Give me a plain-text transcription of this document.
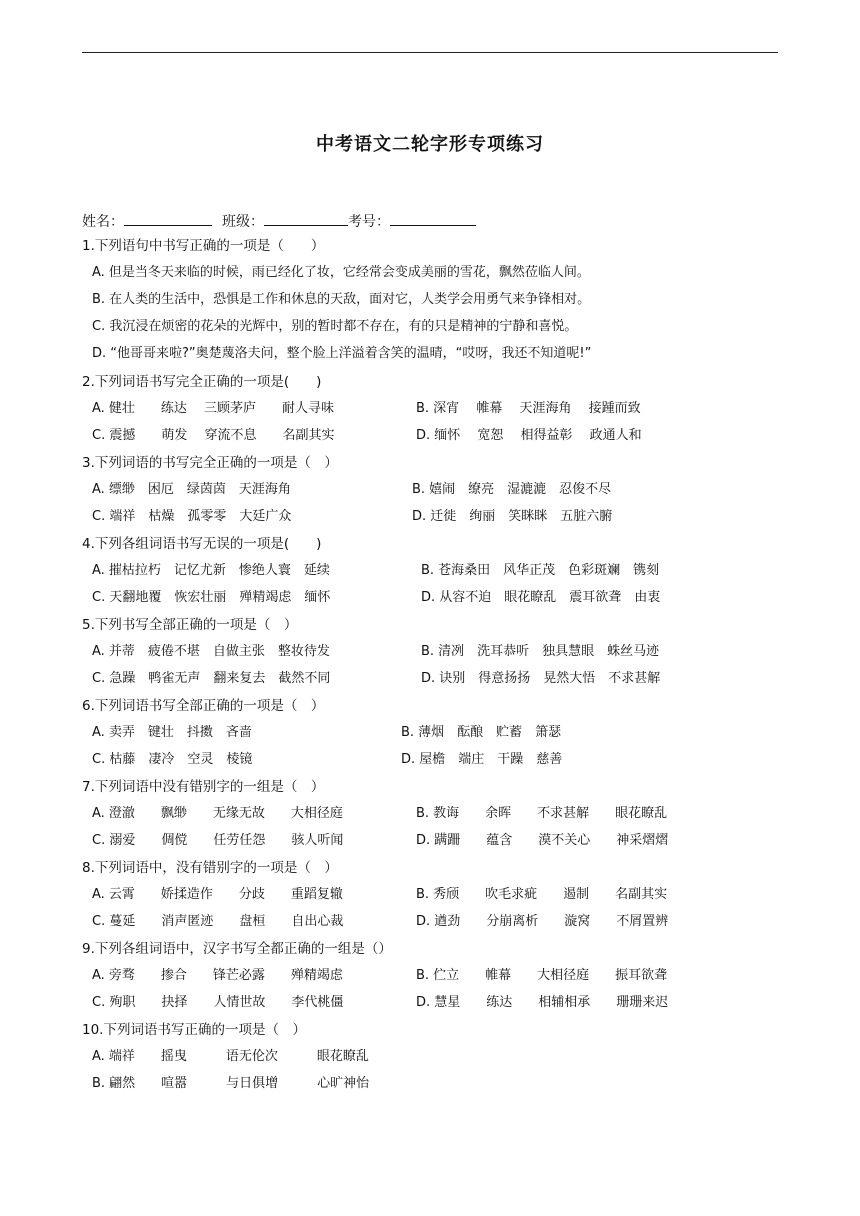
中考语文二轮字形专项练习
姓名：	班级：	考号：
1.下列语句中书写正确的一项是（　　）
A. 但是当冬天来临的时候，雨已经化了妆，它经常会变成美丽的雪花，飘然莅临人间。
B. 在人类的生活中，恐惧是工作和休息的天敌，面对它，人类学会用勇气来争锋相对。
C. 我沉浸在烦密的花朵的光辉中，别的暂时都不存在，有的只是精神的宁静和喜悦。
D. “他哥哥来啦?”奥楚蔑洛夫问，整个脸上洋溢着含笑的温晴，“哎呀，我还不知道呢!”
2.下列词语书写完全正确的一项是(　　)
A. 健壮　　练达　 三顾茅庐　　耐人寻味	B. 深宵　 帷幕　 天涯海角　 接踵而致
C. 震撼　　萌发　 穿流不息　　名副其实	D. 缅怀　 宽恕　 相得益彰　 政通人和
3.下列词语的书写完全正确的一项是（　）
A. 缥缈　困厄　绿茵茵　天涯海角	B. 嬉闹　缭亮　湿漉漉　忍俊不尽
C. 端祥　枯燥　孤零零　大廷广众	D. 迁徙　绚丽　笑眯眯　五脏六腑
4.下列各组词语书写无误的一项是(　　)
A. 摧枯拉朽　记忆尤新　惨绝人寰　延续	B. 苍海桑田　风华正茂　色彩斑斓　镌刻
C. 天翻地覆　恢宏壮丽　殚精竭虑　缅怀	D. 从容不迫　眼花瞭乱　震耳欲聋　由衷
5.下列书写全部正确的一项是（　）
A. 并蒂　疲倦不堪　自做主张　整妆待发	B. 清冽　洗耳恭听　独具慧眼　蛛丝马迹
C. 急躁　鸭雀无声　翻来复去　截然不同	D. 诀别　得意扬扬　晃然大悟　不求甚解
6.下列词语书写全部正确的一项是（　）
A. 卖弄　键壮　抖擞　吝啬	B. 薄烟　酝酿　贮蓄　箫瑟
C. 枯藤　凄冷　空灵　棱镜	D. 屋檐　端庄　干躁　慈善
7.下列词语中没有错别字的一组是（　）
A. 澄澈　　飘缈　　无缘无故　　大相径庭	B. 教诲　　余晖　　不求甚解　　眼花瞭乱
C. 溺爱　　倜傥　　任劳任怨　　骇人听闻	D. 蹒跚　　蕴含　　漠不关心　　神采熠熠
8.下列词语中，没有错别字的一项是（　）
A. 云霄　　娇揉造作　　分歧　　重蹈复辙	B. 秀颀　　吹毛求疵　　遏制　　名副其实
C. 蔓延　　消声匿迹　　盘桓　　自出心裁	D. 遒劲　　分崩离析　　漩窝　　不屑置辨
9.下列各组词语中，汉字书写全都正确的一组是（）
A. 旁骛　　掺合　　锋芒必露　　殚精竭虑	B. 伫立　　帷幕　　大相径庭　　振耳欲聋
C. 殉职　　抉择　　人情世故　　李代桃僵	D. 慧星　　练达　　相辅相承　　珊珊来迟
10.下列词语书写正确的一项是（　）
A. 端祥　　摇曳　　　语无伦次　　　眼花瞭乱
B. 翩然　　喧嚣　　　与日俱增　　　心旷神怡
